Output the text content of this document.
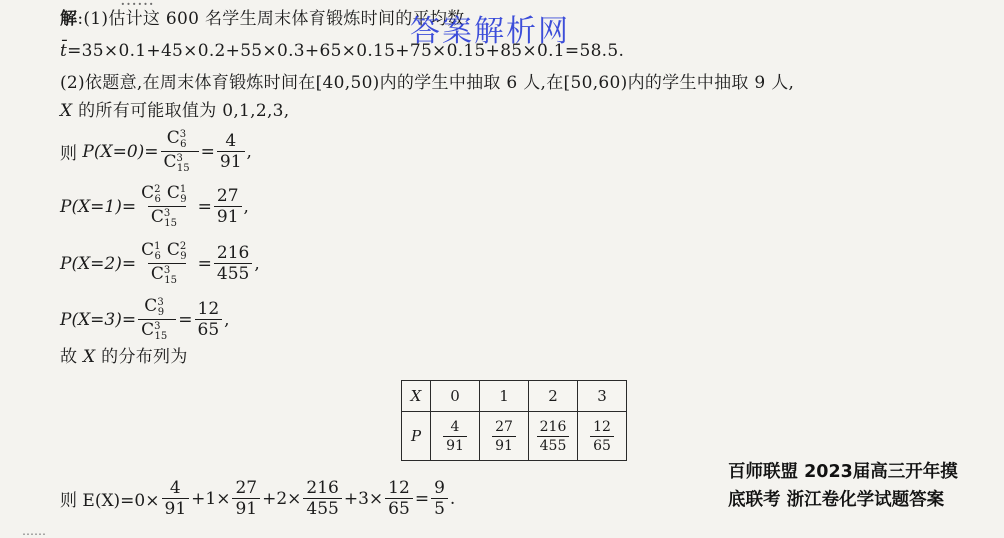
……
解:(1)估计这 600 名学生周末体育锻炼时间的平均数
t̄=35×0.1+45×0.2+55×0.3+65×0.15+75×0.15+85×0.1=58.5.
答案解析网
(2)依题意,在周末体育锻炼时间在[40,50)内的学生中抽取 6 人,在[50,60)内的学生中抽取 9 人,
X 的所有可能取值为 0,1,2,3,
则
$P(X=0)= \frac{C^3_6}{C^3_{15}} = \frac{4}{91}$ ,
$P(X=1)= \frac{C^2_6 C^1_9}{C^3_{15}} = \frac{27}{91}$ ,
$P(X=2)= \frac{C^1_6 C^2_9}{C^3_{15}} = \frac{216}{455}$ ,
$P(X=3)= \frac{C^3_9}{C^3_{15}} = \frac{12}{65}$ ,
故 X 的分布列为
X	0	1	2	3
P	$\frac{4}{91}$	$\frac{27}{91}$	$\frac{216}{455}$	$\frac{12}{65}$
则 $E(X)=0\times \frac{4}{91} +1\times \frac{27}{91} +2\times \frac{216}{455} +3\times \frac{12}{65} = \frac{9}{5}$ .
百师联盟 2023届高三开年摸
底联考 浙江卷化学试题答案
……
